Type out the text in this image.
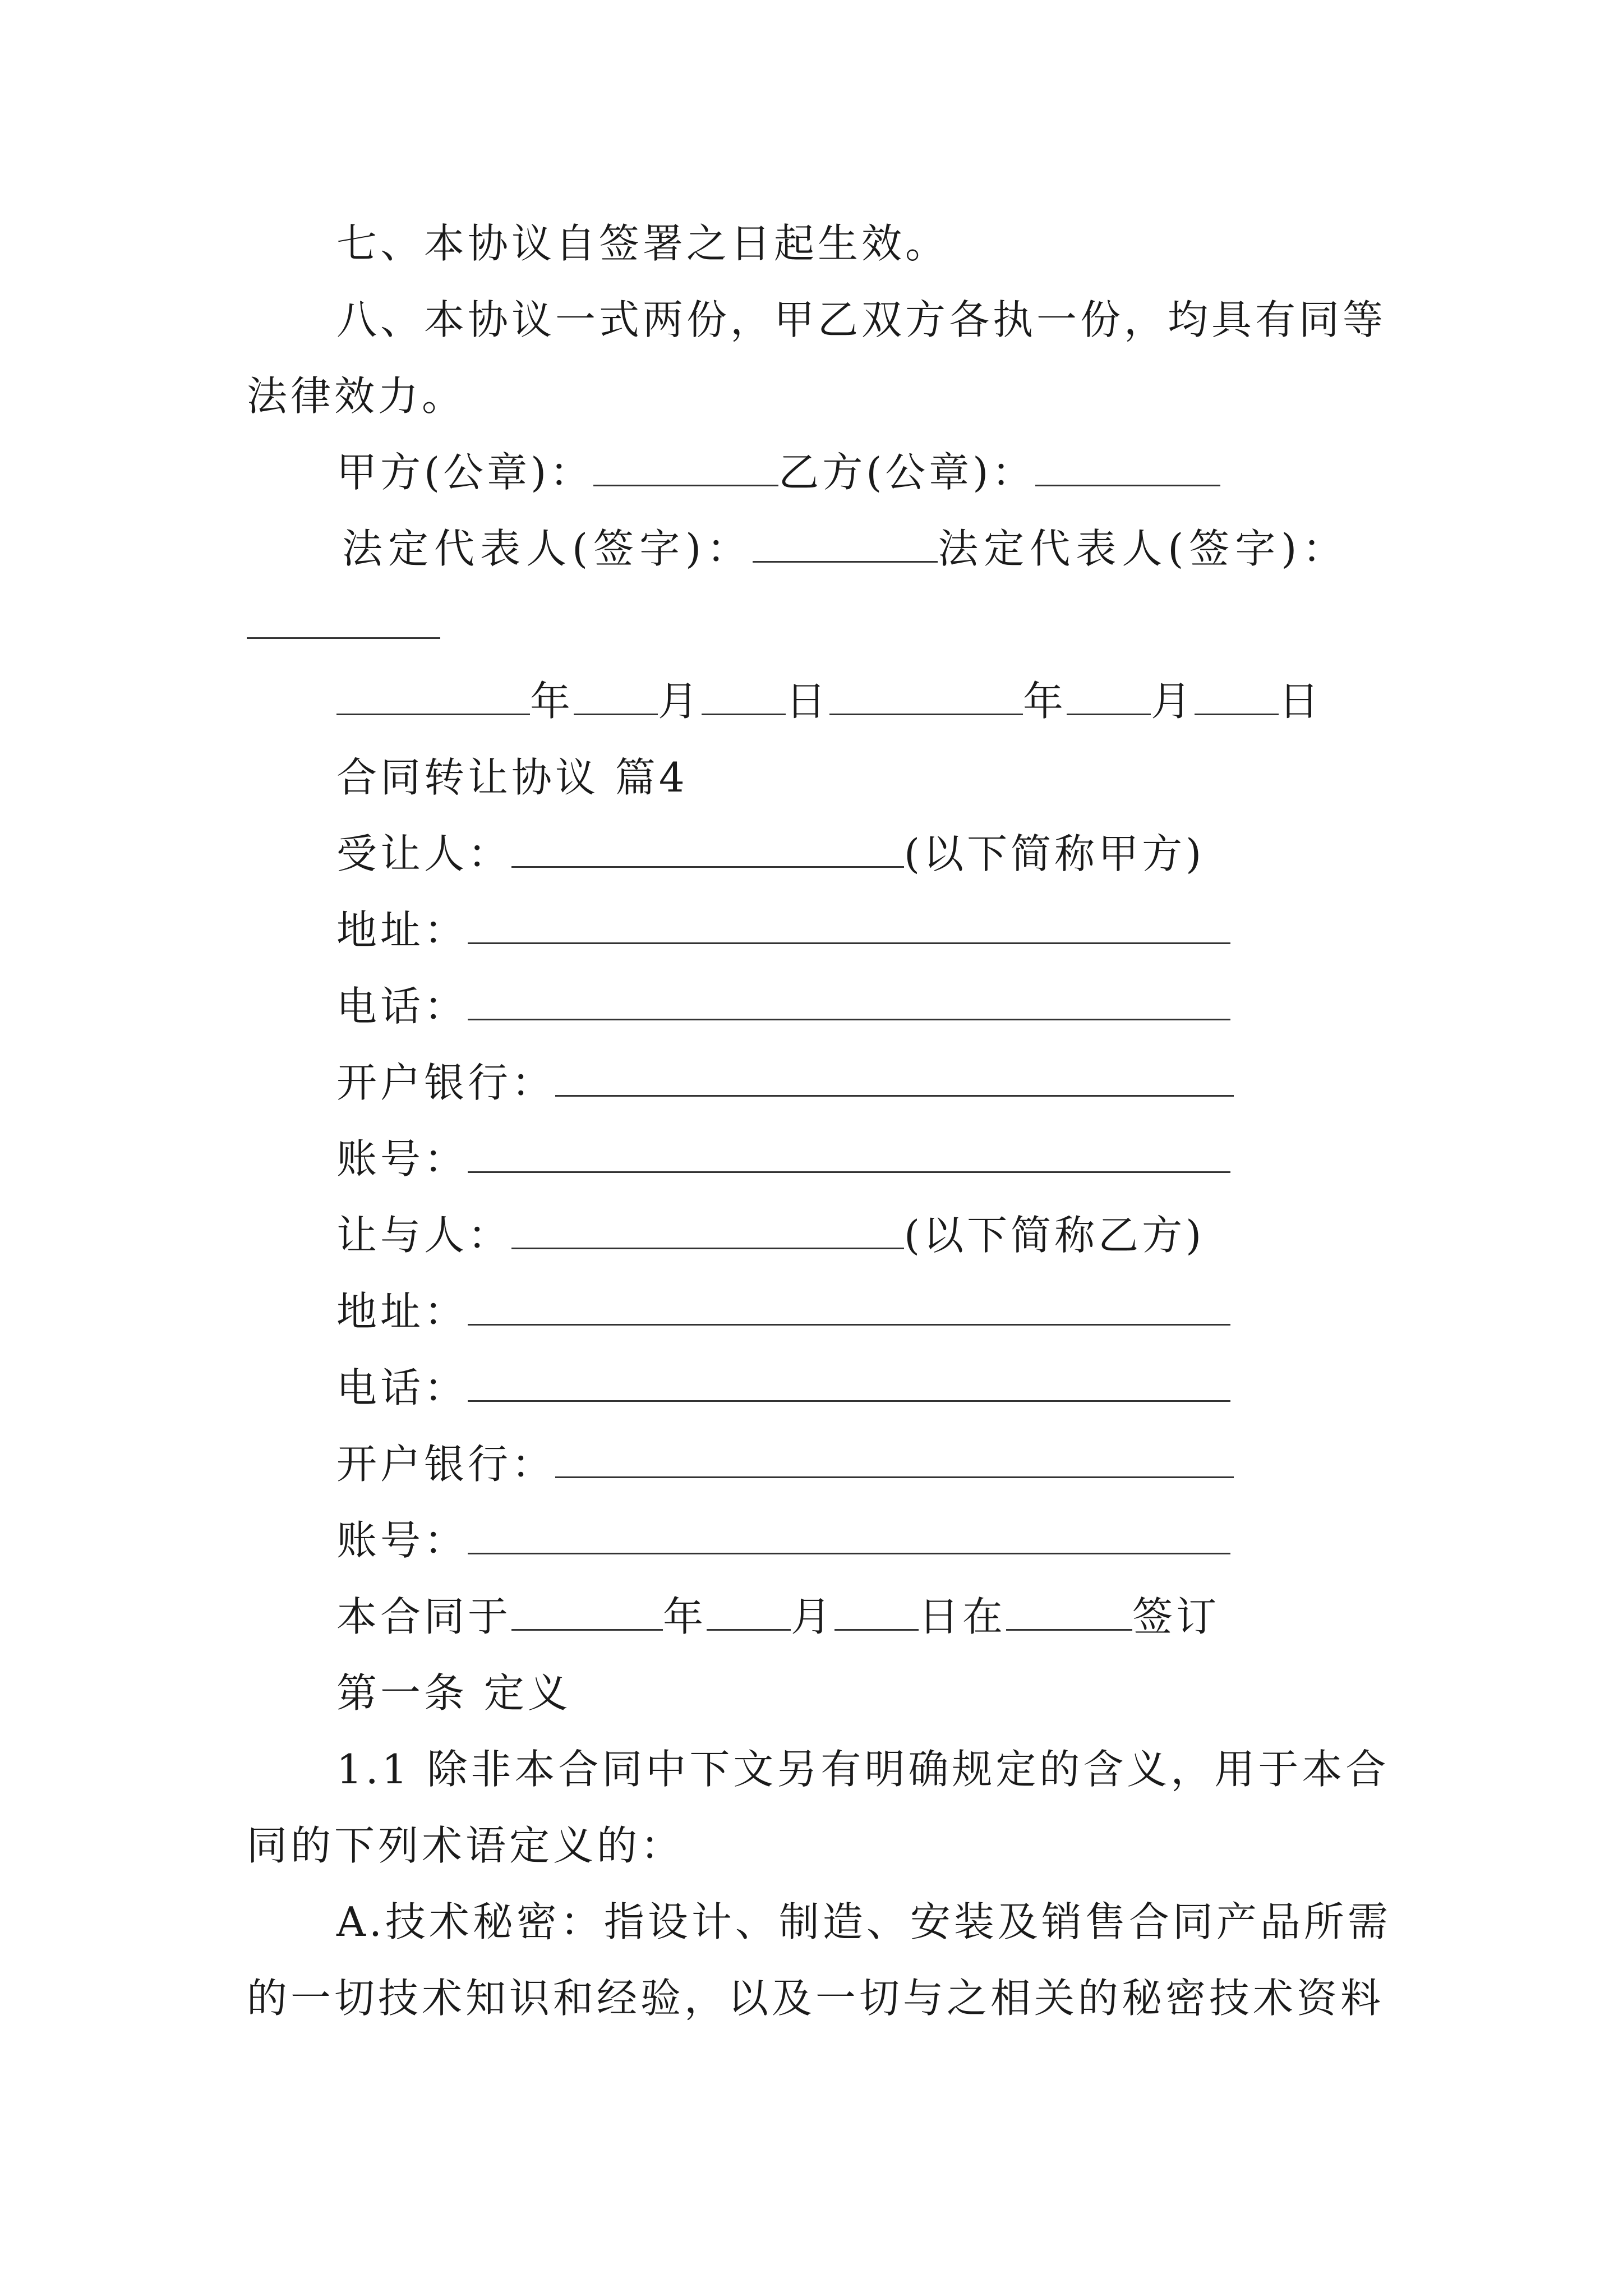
七、本协议自签署之日起生效。
八、本协议一式两份，甲乙双方各执一份，均具有同等
法律效力。
甲方(公章)：	乙方(公章)：
法定代表人(签字)：	法定代表人(签字)：
年 月 日	年 月 日
合同转让协议 篇4
受让人：	(以下简称甲方)
地址：
电话：
开户银行：
账号：
让与人：	(以下简称乙方)
地址：
电话：
开户银行：
账号：
本合同于	年 月 日在	签订
第一条 定义
1.1 除非本合同中下文另有明确规定的含义，用于本合
同的下列术语定义的：
A.技术秘密：指设计、制造、安装及销售合同产品所需
的一切技术知识和经验，以及一切与之相关的秘密技术资料
